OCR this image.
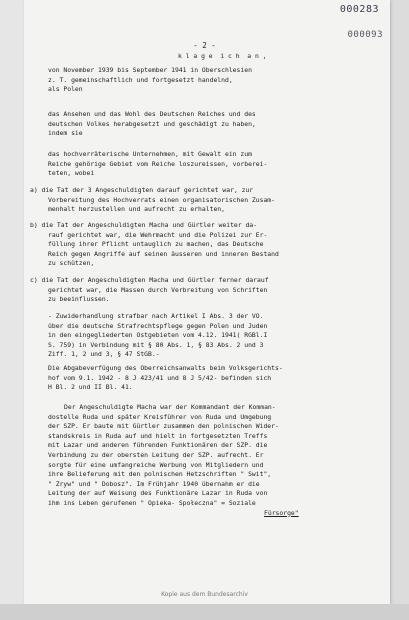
000283
000093
- 2 -

k l a g e  i c h  a n ,

von November 1939 bis September 1941 in Oberschlesien

z. T. gemeinschaftlich und fortgesetzt handelnd,

als Polen

das Ansehen und das Wohl des Deutschen Reiches und des

deutschen Volkes herabgesetzt und geschädigt zu haben,

indem sie

das hochverräterische Unternehmen, mit Gewalt ein zum

Reiche gehörige Gebiet vom Reiche loszureissen, vorberei-

teten, wobei

a) die Tat der 3 Angeschuldigten darauf gerichtet war, zur

Vorbereitung des Hochverrats einen organisatorischen Zusam-

menhalt herzustellen und aufrecht zu erhalten,

b) die Tat der Angeschuldigten Macha und Gürtler weiter da-

rauf gerichtet war, die Wehrmacht und die Polizei zur Er-

füllung ihrer Pflicht untauglich zu machen, das Deutsche

Reich gegen Angriffe auf seinen äusseren und inneren Bestand

zu schützen,

c) die Tat der Angeschuldigten Macha und Gürtler ferner darauf

gerichtet war, die Massen durch Verbreitung von Schriften

zu beeinflussen.

- Zuwiderhandlung strafbar nach Artikel I Abs. 3 der VO.

über die deutsche Strafrechtspflege gegen Polen und Juden

in den eingegliederten Ostgebieten vom 4.12. 1941( RGBl.I

S. 759) in Verbindung mit § 80 Abs. 1, § 83 Abs. 2 und 3

Ziff. 1, 2 und 3, § 47 StGB.-

Die Abgabeverfügung des Oberreichsanwalts beim Volksgerichts-

hof vom 9.1. 1942 - 8 J 423/41 und 8 J 5/42- befinden sich

H Bl. 2 und II Bl. 41.

Der Angeschuldigte Macha war der Kommandant der Komman-

dostelle Ruda und später Kreisführer von Ruda und Umgebung

der SZP. Er baute mit Gürtler zusammen den polnischen Wider-

standskreis in Ruda auf und hielt in fortgesetzten Treffs

mit Lazar und anderen führenden Funktionären der SZP. die

Verbindung zu der obersten Leitung der SZP. aufrecht. Er

sorgte für eine umfangreiche Werbung von Mitgliedern und

ihre Belieferung mit den polnischen Hetzschriften " Swit",

" Zryw" und " Dobosz". Im Frühjahr 1940 übernahm er die

Leitung der auf Weisung des Funktionäre Lazar in Ruda von

ihm ins Leben gerufenen " Opieka- Społeczna" = Soziale

Fürsorge"

Kopie aus dem Bundesarchiv
